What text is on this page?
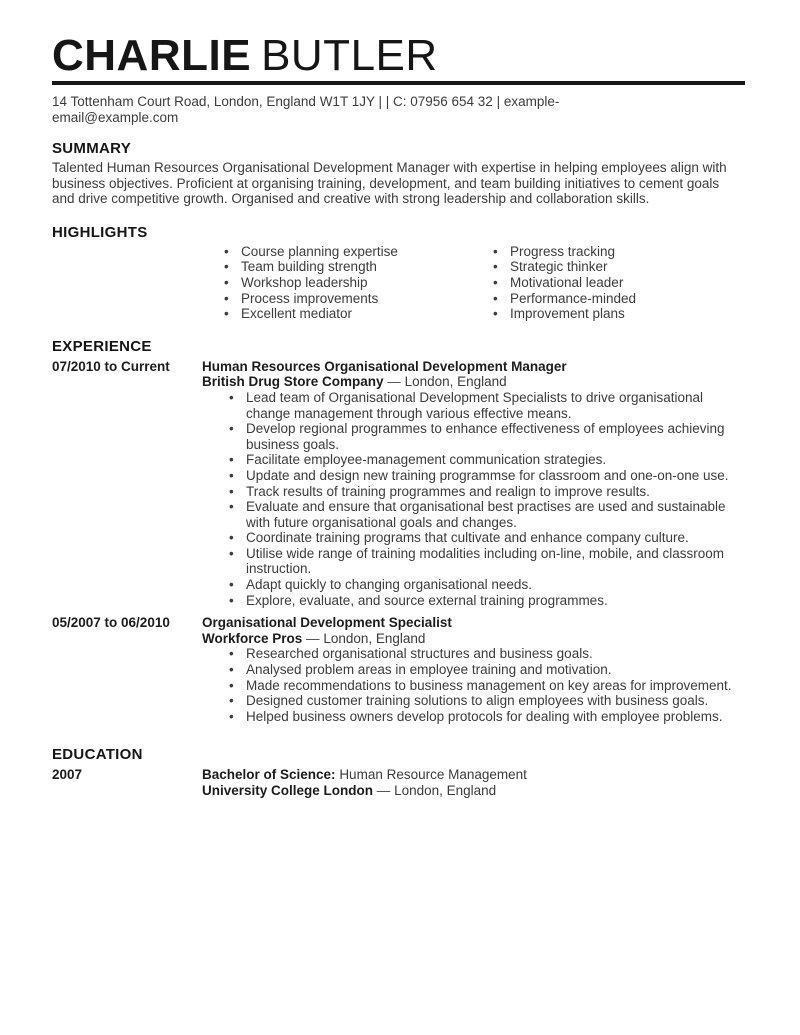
CHARLIE BUTLER
14 Tottenham Court Road, London, England W1T 1JY | | C: 07956 654 32 | example-email@example.com
SUMMARY

Talented Human Resources Organisational Development Manager with expertise in helping employees align with business objectives. Proficient at organising training, development, and team building initiatives to cement goals and drive competitive growth. Organised and creative with strong leadership and collaboration skills.

HIGHLIGHTS
• Course planning expertise
• Team building strength
• Workshop leadership
• Process improvements
• Excellent mediator
• Progress tracking
• Strategic thinker
• Motivational leader
• Performance-minded
• Improvement plans
EXPERIENCE
07/2010 to Current	Human Resources Organisational Development Manager

British Drug Store Company — London, England
• Lead team of Organisational Development Specialists to drive organisational change management through various effective means.
• Develop regional programmes to enhance effectiveness of employees achieving business goals.
• Facilitate employee-management communication strategies.
• Update and design new training programmse for classroom and one-on-one use.
• Track results of training programmes and realign to improve results.
• Evaluate and ensure that organisational best practises are used and sustainable with future organisational goals and changes.
• Coordinate training programs that cultivate and enhance company culture.
• Utilise wide range of training modalities including on-line, mobile, and classroom instruction.
• Adapt quickly to changing organisational needs.
• Explore, evaluate, and source external training programmes.
05/2007 to 06/2010	Organisational Development Specialist

Workforce Pros — London, England
• Researched organisational structures and business goals.
• Analysed problem areas in employee training and motivation.
• Made recommendations to business management on key areas for improvement.
• Designed customer training solutions to align employees with business goals.
• Helped business owners develop protocols for dealing with employee problems.
EDUCATION
2007	Bachelor of Science: Human Resource Management
University College London — London, England
